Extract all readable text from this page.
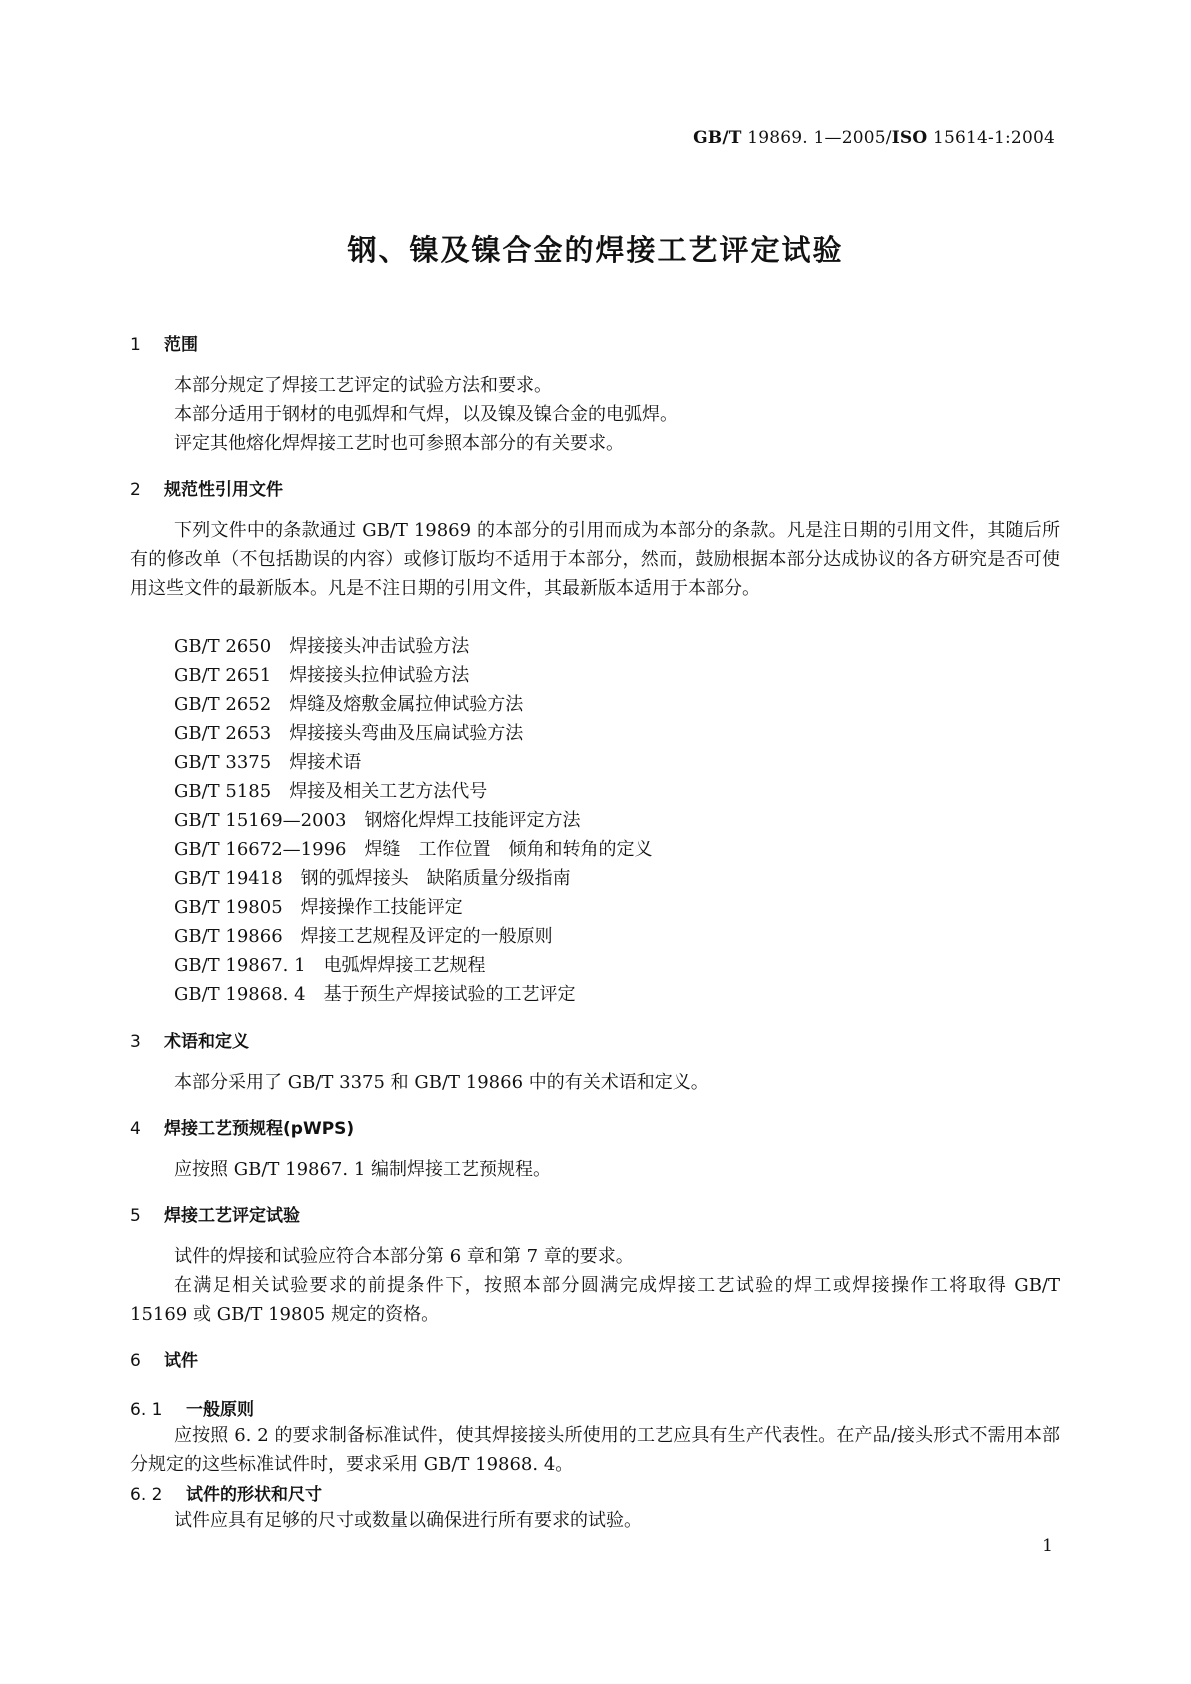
GB/T 19869. 1—2005/ISO 15614-1:2004
钢、镍及镍合金的焊接工艺评定试验
1 范围
本部分规定了焊接工艺评定的试验方法和要求。
本部分适用于钢材的电弧焊和气焊，以及镍及镍合金的电弧焊。
评定其他熔化焊焊接工艺时也可参照本部分的有关要求。
2 规范性引用文件
下列文件中的条款通过 GB/T 19869 的本部分的引用而成为本部分的条款。凡是注日期的引用文件，其随后所有的修改单（不包括勘误的内容）或修订版均不适用于本部分，然而，鼓励根据本部分达成协议的各方研究是否可使用这些文件的最新版本。凡是不注日期的引用文件，其最新版本适用于本部分。
GB/T 2650 焊接接头冲击试验方法
GB/T 2651 焊接接头拉伸试验方法
GB/T 2652 焊缝及熔敷金属拉伸试验方法
GB/T 2653 焊接接头弯曲及压扁试验方法
GB/T 3375 焊接术语
GB/T 5185 焊接及相关工艺方法代号
GB/T 15169—2003 钢熔化焊焊工技能评定方法
GB/T 16672—1996 焊缝　工作位置　倾角和转角的定义
GB/T 19418 钢的弧焊接头　缺陷质量分级指南
GB/T 19805 焊接操作工技能评定
GB/T 19866 焊接工艺规程及评定的一般原则
GB/T 19867. 1 电弧焊焊接工艺规程
GB/T 19868. 4 基于预生产焊接试验的工艺评定
3 术语和定义
本部分采用了 GB/T 3375 和 GB/T 19866 中的有关术语和定义。
4 焊接工艺预规程(pWPS)
应按照 GB/T 19867. 1 编制焊接工艺预规程。
5 焊接工艺评定试验
试件的焊接和试验应符合本部分第 6 章和第 7 章的要求。
在满足相关试验要求的前提条件下，按照本部分圆满完成焊接工艺试验的焊工或焊接操作工将取得 GB/T 15169 或 GB/T 19805 规定的资格。
6 试件
6. 1 一般原则
应按照 6. 2 的要求制备标准试件，使其焊接接头所使用的工艺应具有生产代表性。在产品/接头形式不需用本部分规定的这些标准试件时，要求采用 GB/T 19868. 4。
6. 2 试件的形状和尺寸
试件应具有足够的尺寸或数量以确保进行所有要求的试验。
1
